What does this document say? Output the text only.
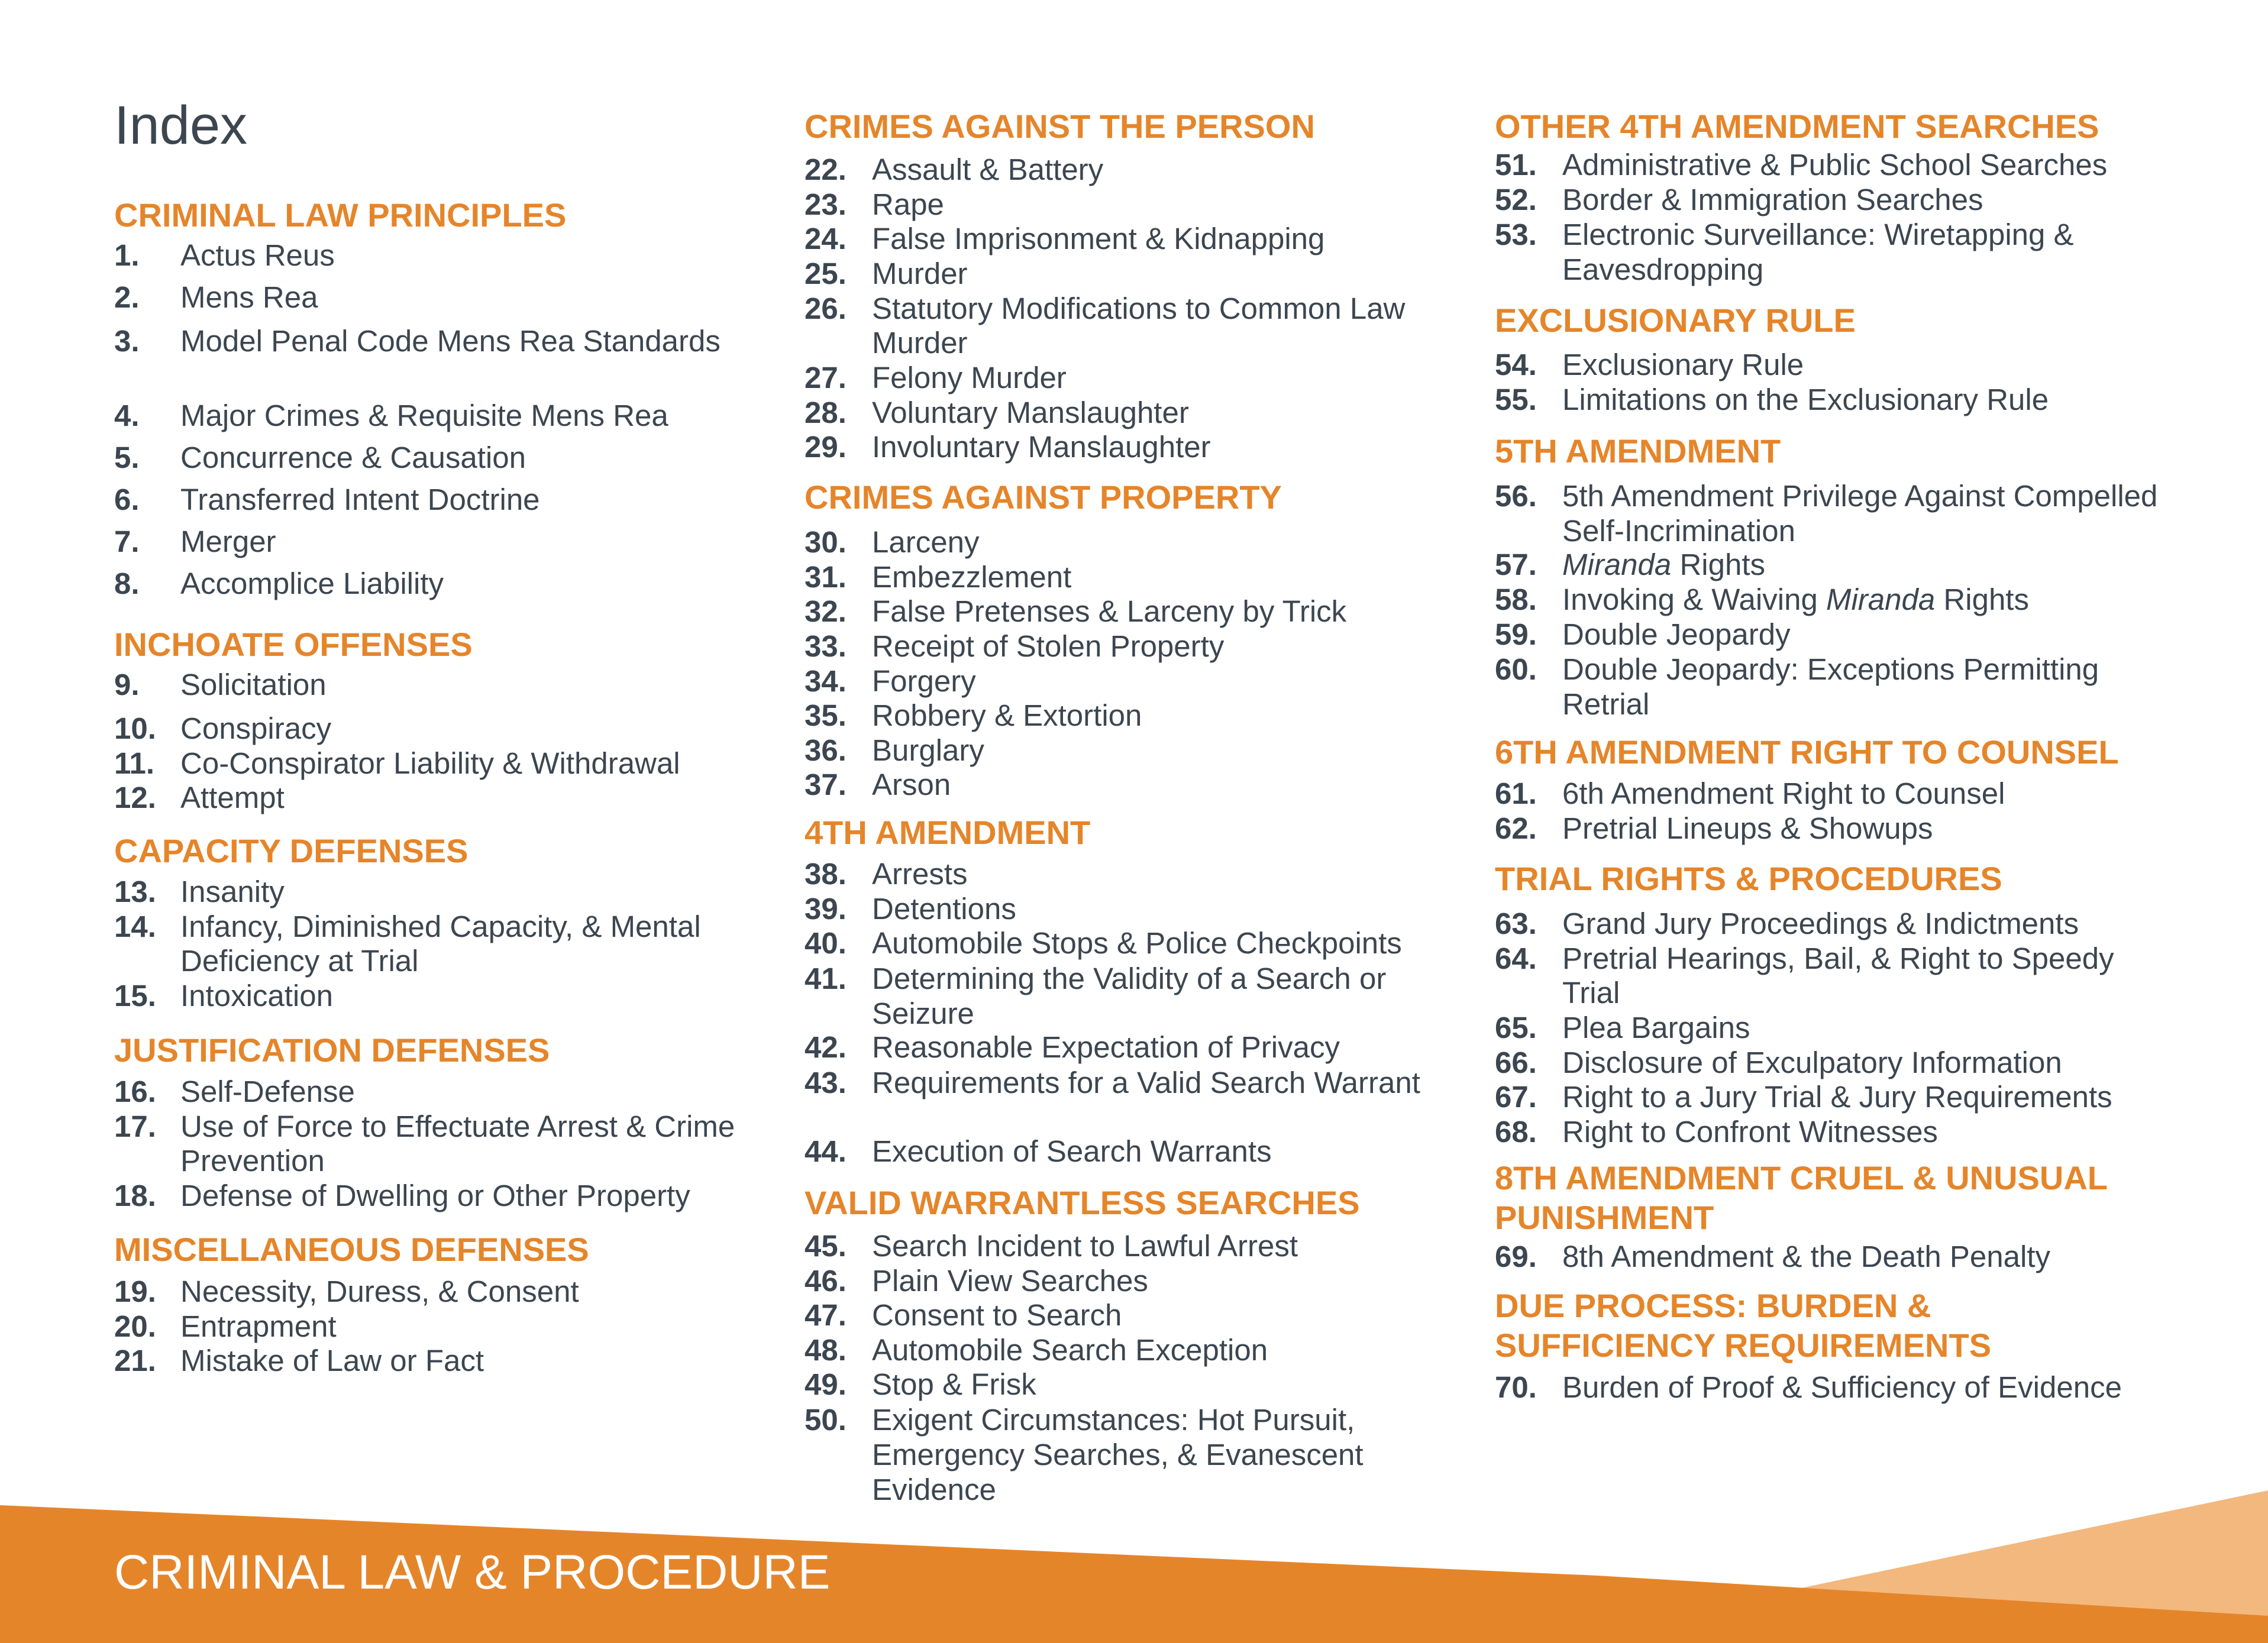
Index
CRIMINAL LAW PRINCIPLES
1.	Actus Reus
2.	Mens Rea
3.	Model Penal Code Mens Rea Standards
4.	Major Crimes & Requisite Mens Rea
5.	Concurrence & Causation
6.	Transferred Intent Doctrine
7.	Merger
8.	Accomplice Liability
INCHOATE OFFENSES
9.	Solicitation
10. Conspiracy
11. Co-Conspirator Liability & Withdrawal
12. Attempt
CAPACITY DEFENSES
13. Insanity
14. Infancy, Diminished Capacity, & Mental Deficiency at Trial
15. Intoxication
JUSTIFICATION DEFENSES
16. Self-Defense
17. Use of Force to Effectuate Arrest & Crime Prevention
18. Defense of Dwelling or Other Property
MISCELLANEOUS DEFENSES
19. Necessity, Duress, & Consent
20. Entrapment
21. Mistake of Law or Fact
CRIMES AGAINST THE PERSON
22. Assault & Battery
23. Rape
24. False Imprisonment & Kidnapping
25. Murder
26. Statutory Modifications to Common Law Murder
27. Felony Murder
28. Voluntary Manslaughter
29. Involuntary Manslaughter
CRIMES AGAINST PROPERTY
30. Larceny
31. Embezzlement
32. False Pretenses & Larceny by Trick
33. Receipt of Stolen Property
34. Forgery
35. Robbery & Extortion
36. Burglary
37. Arson
4TH AMENDMENT
38. Arrests
39. Detentions
40. Automobile Stops & Police Checkpoints
41. Determining the Validity of a Search or Seizure
42. Reasonable Expectation of Privacy
43. Requirements for a Valid Search Warrant
44. Execution of Search Warrants
VALID WARRANTLESS SEARCHES
45. Search Incident to Lawful Arrest
46. Plain View Searches
47. Consent to Search
48. Automobile Search Exception
49. Stop & Frisk
50. Exigent Circumstances: Hot Pursuit, Emergency Searches, & Evanescent Evidence
OTHER 4TH AMENDMENT SEARCHES
51. Administrative & Public School Searches
52. Border & Immigration Searches
53. Electronic Surveillance: Wiretapping & Eavesdropping
EXCLUSIONARY RULE
54. Exclusionary Rule
55. Limitations on the Exclusionary Rule
5TH AMENDMENT
56. 5th Amendment Privilege Against Compelled Self-Incrimination
57. Miranda Rights
58. Invoking & Waiving Miranda Rights
59. Double Jeopardy
60. Double Jeopardy: Exceptions Permitting Retrial
6TH AMENDMENT RIGHT TO COUNSEL
61. 6th Amendment Right to Counsel
62. Pretrial Lineups & Showups
TRIAL RIGHTS & PROCEDURES
63. Grand Jury Proceedings & Indictments
64. Pretrial Hearings, Bail, & Right to Speedy Trial
65. Plea Bargains
66. Disclosure of Exculpatory Information
67. Right to a Jury Trial & Jury Requirements
68. Right to Confront Witnesses
8TH AMENDMENT CRUEL & UNUSUAL
PUNISHMENT
69. 8th Amendment & the Death Penalty
DUE PROCESS: BURDEN &
SUFFICIENCY REQUIREMENTS
70. Burden of Proof & Sufficiency of Evidence
CRIMINAL LAW & PROCEDURE
